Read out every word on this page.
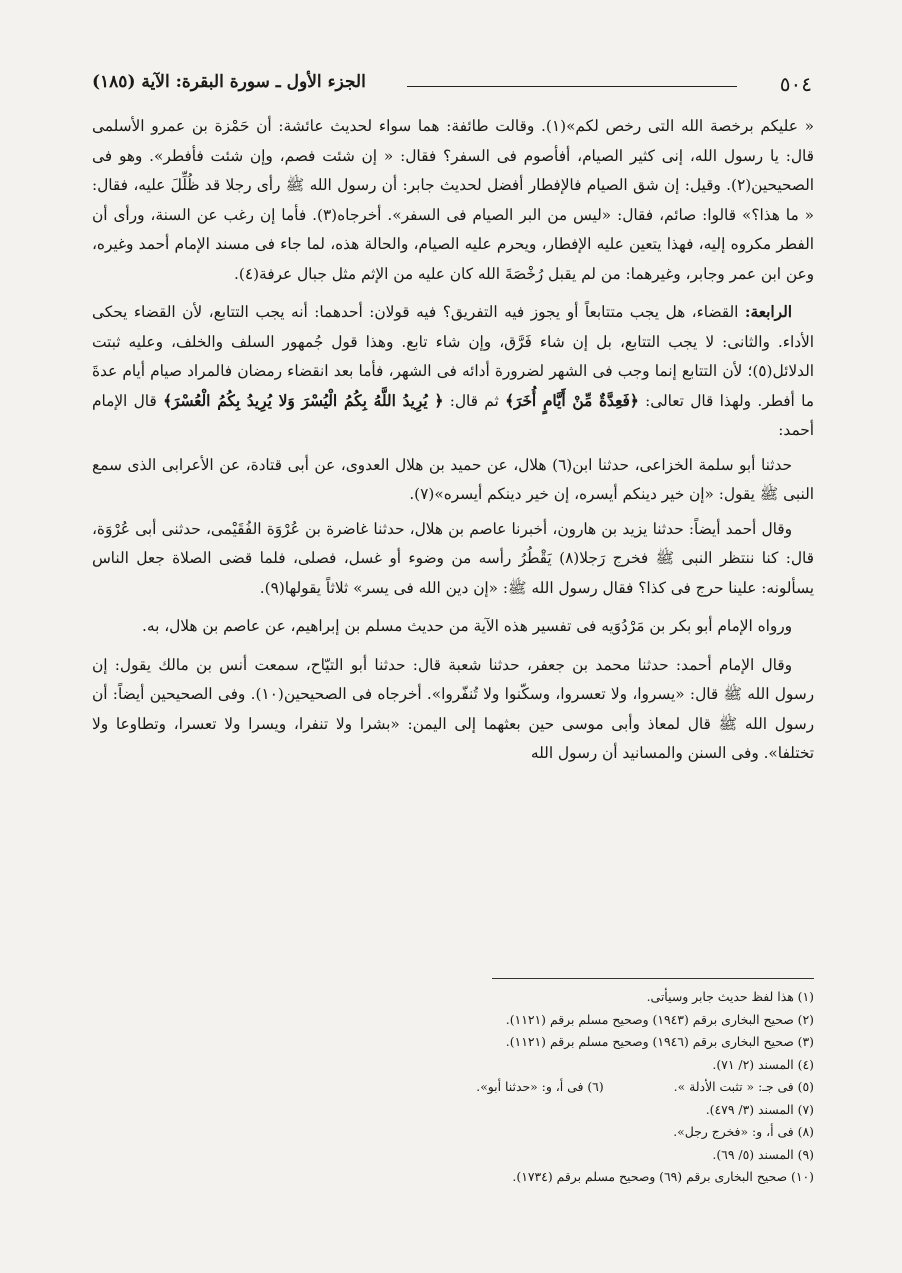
٥٠٤
الجزء الأول ـ سورة البقرة: الآية (١٨٥)

« عليكم برخصة الله التى رخص لكم»(١). وقالت طائفة: هما سواء لحديث عائشة: أن حَمْزة بن عمرو الأسلمى قال: يا رسول الله، إنى كثير الصيام، أفأصوم فى السفر؟ فقال: « إن شئت فصم، وإن شئت فأفطر». وهو فى الصحيحين(٢). وقيل: إن شق الصيام فالإفطار أفضل لحديث جابر: أن رسول الله ﷺ رأى رجلا قد ظُلِّلَ عليه، فقال: « ما هذا؟» قالوا: صائم، فقال: «ليس من البر الصيام فى السفر». أخرجاه(٣). فأما إن رغب عن السنة، ورأى أن الفطر مكروه إليه، فهذا يتعين عليه الإفطار، ويحرم عليه الصيام، والحالة هذه، لما جاء فى مسند الإمام أحمد وغيره، وعن ابن عمر وجابر، وغيرهما: من لم يقبل رُخْصَةَ الله كان عليه من الإثم مثل جبال عرفة(٤).

الرابعة: القضاء، هل يجب متتابعاً أو يجوز فيه التفريق؟ فيه قولان: أحدهما: أنه يجب التتابع، لأن القضاء يحكى الأداء. والثانى: لا يجب التتابع، بل إن شاء فَرَّق، وإن شاء تابع. وهذا قول جُمهور السلف والخلف، وعليه ثبتت الدلائل(٥)؛ لأن التتابع إنما وجب فى الشهر لضرورة أدائه فى الشهر، فأما بعد انقضاء رمضان فالمراد صيام أيام عدةَ ما أفطر. ولهذا قال تعالى: ﴿فَعِدَّةٌ مِّنْ أَيَّامٍ أُخَرَ﴾ ثم قال: ﴿ يُرِيدُ اللَّهُ بِكُمُ الْيُسْرَ وَلا يُرِيدُ بِكُمُ الْعُسْرَ﴾ قال الإمام أحمد:

حدثنا أبو سلمة الخزاعى، حدثنا ابن(٦) هلال، عن حميد بن هلال العدوى، عن أبى قتادة، عن الأعرابى الذى سمع النبى ﷺ يقول: «إن خير دينكم أيسره، إن خير دينكم أيسره»(٧).

وقال أحمد أيضاً: حدثنا يزيد بن هارون، أخبرنا عاصم بن هلال، حدثنا غاضرة بن عُرْوَة الفُقَيْمى، حدثنى أبى عُرْوَة، قال: كنا ننتظر النبى ﷺ فخرج رَجلا(٨) يَقْطُرُ رأسه من وضوء أو غسل، فصلى، فلما قضى الصلاة جعل الناس يسألونه: علينا حرج فى كذا؟ فقال رسول الله ﷺ: «إن دين الله فى يسر» ثلاثاً يقولها(٩).

ورواه الإمام أبو بكر بن مَرْدُوَيه فى تفسير هذه الآية من حديث مسلم بن إبراهيم، عن عاصم بن هلال، به.

وقال الإمام أحمد: حدثنا محمد بن جعفر، حدثنا شعبة قال: حدثنا أبو التيّاح، سمعت أنس بن مالك يقول: إن رسول الله ﷺ قال: «يسروا، ولا تعسروا، وسكّنوا ولا تُنفّروا». أخرجاه فى الصحيحين(١٠). وفى الصحيحين أيضاً: أن رسول الله ﷺ قال لمعاذ وأبى موسى حين بعثهما إلى اليمن: «بشرا ولا تنفرا، ويسرا ولا تعسرا، وتطاوعا ولا تختلفا». وفى السنن والمسانيد أن رسول الله

(١) هذا لفظ حديث جابر وسيأتى.
(٢) صحيح البخارى برقم (١٩٤٣) وصحيح مسلم برقم (١١٢١).
(٣) صحيح البخارى برقم (١٩٤٦) وصحيح مسلم برقم (١١٢١).
(٤) المسند (٢/ ٧١).
(٥) فى جـ: « تثبت الأدلة ».(٦) فى أ، و: «حدثنا أبو».
(٧) المسند (٣/ ٤٧٩).
(٨) فى أ، و: «فخرج رجل».
(٩) المسند (٥/ ٦٩).
(١٠) صحيح البخارى برقم (٦٩) وصحيح مسلم برقم (١٧٣٤).
